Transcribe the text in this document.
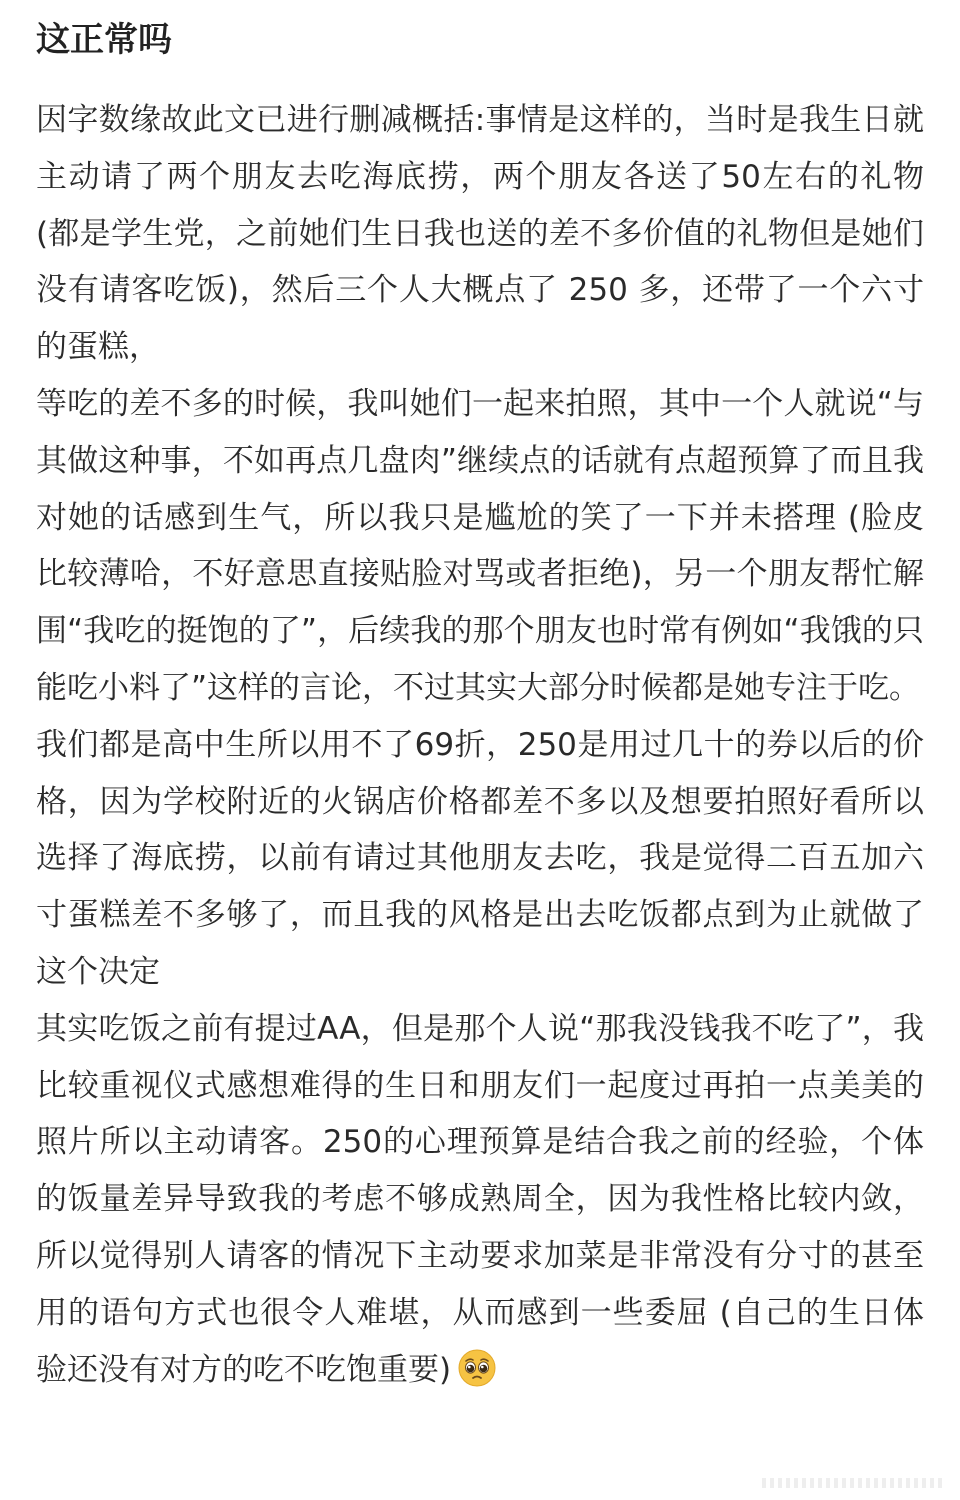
这正常吗

因字数缘故此文已进行删减概括:事情是这样的，当时是我生日就主动请了两个朋友去吃海底捞，两个朋友各送了50左右的礼物 (都是学生党，之前她们生日我也送的差不多价值的礼物但是她们没有请客吃饭)，然后三个人大概点了 250 多，还带了一个六寸的蛋糕，

等吃的差不多的时候，我叫她们一起来拍照，其中一个人就说“与其做这种事，不如再点几盘肉”继续点的话就有点超预算了而且我对她的话感到生气，所以我只是尴尬的笑了一下并未搭理 (脸皮比较薄哈，不好意思直接贴脸对骂或者拒绝)，另一个朋友帮忙解围“我吃的挺饱的了”，后续我的那个朋友也时常有例如“我饿的只能吃小料了”这样的言论，不过其实大部分时候都是她专注于吃。

我们都是高中生所以用不了69折，250是用过几十的券以后的价格，因为学校附近的火锅店价格都差不多以及想要拍照好看所以选择了海底捞，以前有请过其他朋友去吃，我是觉得二百五加六寸蛋糕差不多够了，而且我的风格是出去吃饭都点到为止就做了这个决定

其实吃饭之前有提过AA，但是那个人说“那我没钱我不吃了”，我比较重视仪式感想难得的生日和朋友们一起度过再拍一点美美的照片所以主动请客。250的心理预算是结合我之前的经验，个体的饭量差异导致我的考虑不够成熟周全，因为我性格比较内敛，所以觉得别人请客的情况下主动要求加菜是非常没有分寸的甚至用的语句方式也很令人难堪，从而感到一些委屈 (自己的生日体验还没有对方的吃不吃饱重要)
